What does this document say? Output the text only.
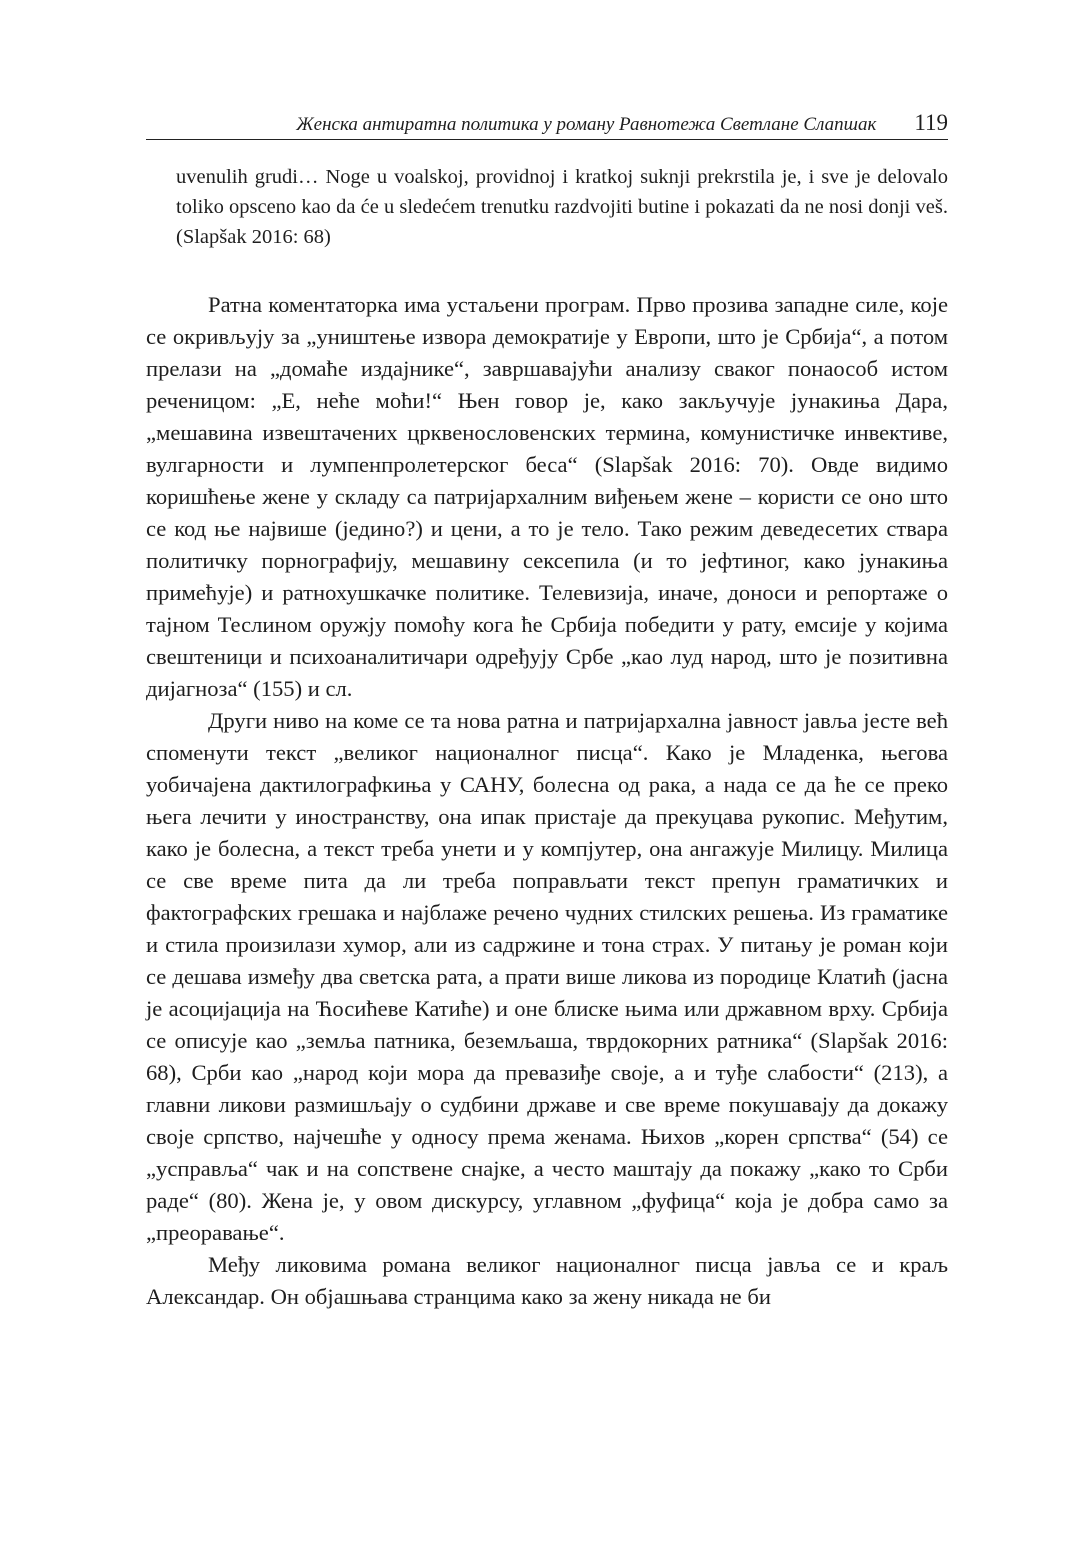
Женска антиратна политика у роману Равнотежа Светлане Слапшак 119

uvenulih grudi… Noge u voalskoj, providnoj i kratkoj suknji prekrstila je, i sve je delovalo toliko opsceno kao da će u sledećem trenutku razdvojiti butine i pokazati da ne nosi donji veš. (Slapšak 2016: 68)

Ратна коментаторка има устаљени програм. Прво прозива западне силе, које се окривљују за „уништење извора демократије у Европи, што је Србија“, а потом прелази на „домаће издајнике“, завршавајући анализу сваког понаособ истом реченицом: „Е, неће моћи!“ Њен говор је, како закључује јунакиња Дара, „мешавина извештачених црквeнословенских термина, комунистичке инвективе, вулгарности и лумпенпролетерског беса“ (Slapšak 2016: 70). Овде видимо коришћење жене у складу са патријархалним виђењем жене – користи се оно што се код ње највише (једино?) и цени, а то је тело. Тако режим деведесетих ствара политичку порнографију, мешавину сексепила (и то јефтиног, како јунакиња примећује) и ратнохушкачке политике. Телевизија, иначе, доноси и репортаже о тајном Теслином оружју помоћу кога ће Србија победити у рату, емсије у којима свештеници и психоаналитичари одређују Србе „као луд народ, што је позитивна дијагноза“ (155) и сл.

Други ниво на коме се та нова ратна и патријархална јавност јавља јесте већ споменути текст „великог националног писца“. Како је Младенка, његова уобичајена дактилографкиња у САНУ, болесна од рака, а нада се да ће се преко њега лечити у иностранству, она ипак пристаје да прекуцава рукопис. Међутим, како је болесна, а текст треба унети и у компјутер, она ангажује Милицу. Милица се све време пита да ли треба поправљати текст препун граматичких и фактографских грешака и најблаже речено чудних стилских решења. Из граматике и стила произилази хумор, али из садржине и тона страх. У питању је роман који се дешава између два светска рата, а прати више ликова из породице Клатић (јасна је асоцијација на Ћосићеве Катиће) и оне блиске њима или државном врху. Србија се описује као „земља патника, беземљаша, тврдокорних ратника“ (Slapšak 2016: 68), Срби као „народ који мора да превазиђе своје, а и туђе слабости“ (213), а главни ликови размишљају о судбини државе и све време покушавају да докажу своје српство, најчешће у односу према женама. Њихов „корен српства“ (54) се „усправља“ чак и на сопствене снајке, а често маштају да покажу „како то Срби раде“ (80). Жена је, у овом дискурсу, углавном „фуфица“ која је добра само за „преоравање“.

Међу ликовима романа великог националног писца јавља се и краљ Александар. Он објашњава странцима како за жену никада не би
